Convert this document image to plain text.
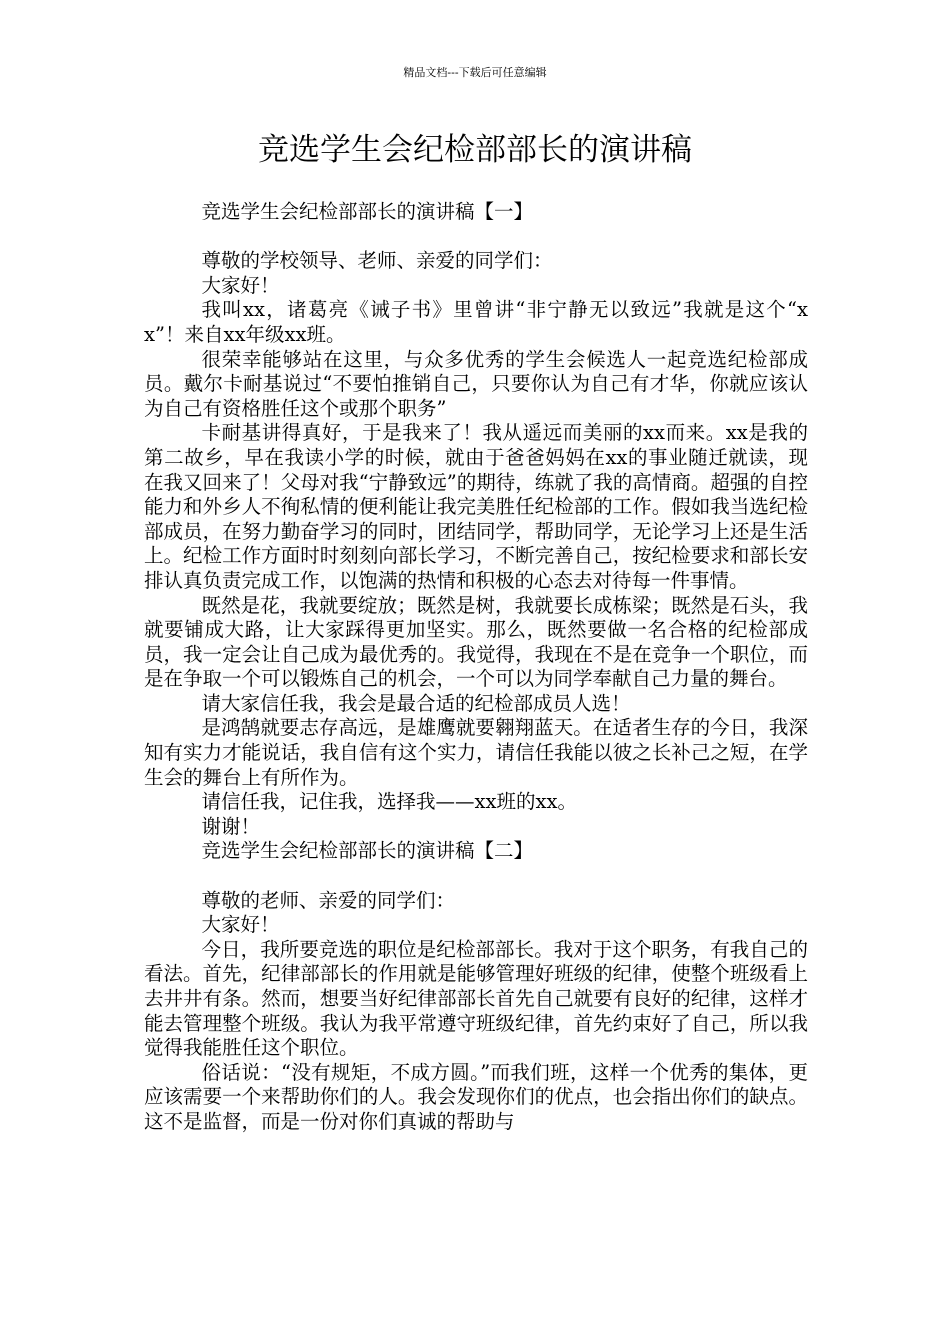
精品文档---下载后可任意编辑
竞选学生会纪检部部长的演讲稿

竞选学生会纪检部部长的演讲稿【一】

尊敬的学校领导、老师、亲爱的同学们：

大家好！

我叫xx，诸葛亮《诫子书》里曾讲“非宁静无以致远”我就是这个“xx”！来自xx年级xx班。

很荣幸能够站在这里，与众多优秀的学生会候选人一起竞选纪检部成员。戴尔卡耐基说过“不要怕推销自己，只要你认为自己有才华，你就应该认为自己有资格胜任这个或那个职务”

卡耐基讲得真好，于是我来了！我从遥远而美丽的xx而来。xx是我的第二故乡，早在我读小学的时候，就由于爸爸妈妈在xx的事业随迁就读，现在我又回来了！父母对我“宁静致远”的期待，练就了我的高情商。超强的自控能力和外乡人不徇私情的便利能让我完美胜任纪检部的工作。假如我当选纪检部成员，在努力勤奋学习的同时，团结同学，帮助同学，无论学习上还是生活上。纪检工作方面时时刻刻向部长学习，不断完善自己，按纪检要求和部长安排认真负责完成工作，以饱满的热情和积极的心态去对待每一件事情。

既然是花，我就要绽放；既然是树，我就要长成栋梁；既然是石头，我就要铺成大路，让大家踩得更加坚实。那么，既然要做一名合格的纪检部成员，我一定会让自己成为最优秀的。我觉得，我现在不是在竞争一个职位，而是在争取一个可以锻炼自己的机会，一个可以为同学奉献自己力量的舞台。

请大家信任我，我会是最合适的纪检部成员人选！

是鸿鹄就要志存高远，是雄鹰就要翱翔蓝天。在适者生存的今日，我深知有实力才能说话，我自信有这个实力，请信任我能以彼之长补己之短，在学生会的舞台上有所作为。

请信任我，记住我，选择我——xx班的xx。

谢谢！

竞选学生会纪检部部长的演讲稿【二】

尊敬的老师、亲爱的同学们：

大家好！

今日，我所要竞选的职位是纪检部部长。我对于这个职务，有我自己的看法。首先，纪律部部长的作用就是能够管理好班级的纪律，使整个班级看上去井井有条。然而，想要当好纪律部部长首先自己就要有良好的纪律，这样才能去管理整个班级。我认为我平常遵守班级纪律，首先约束好了自己，所以我觉得我能胜任这个职位。

俗话说：“没有规矩，不成方圆。”而我们班，这样一个优秀的集体，更应该需要一个来帮助你们的人。我会发现你们的优点，也会指出你们的缺点。这不是监督，而是一份对你们真诚的帮助与
